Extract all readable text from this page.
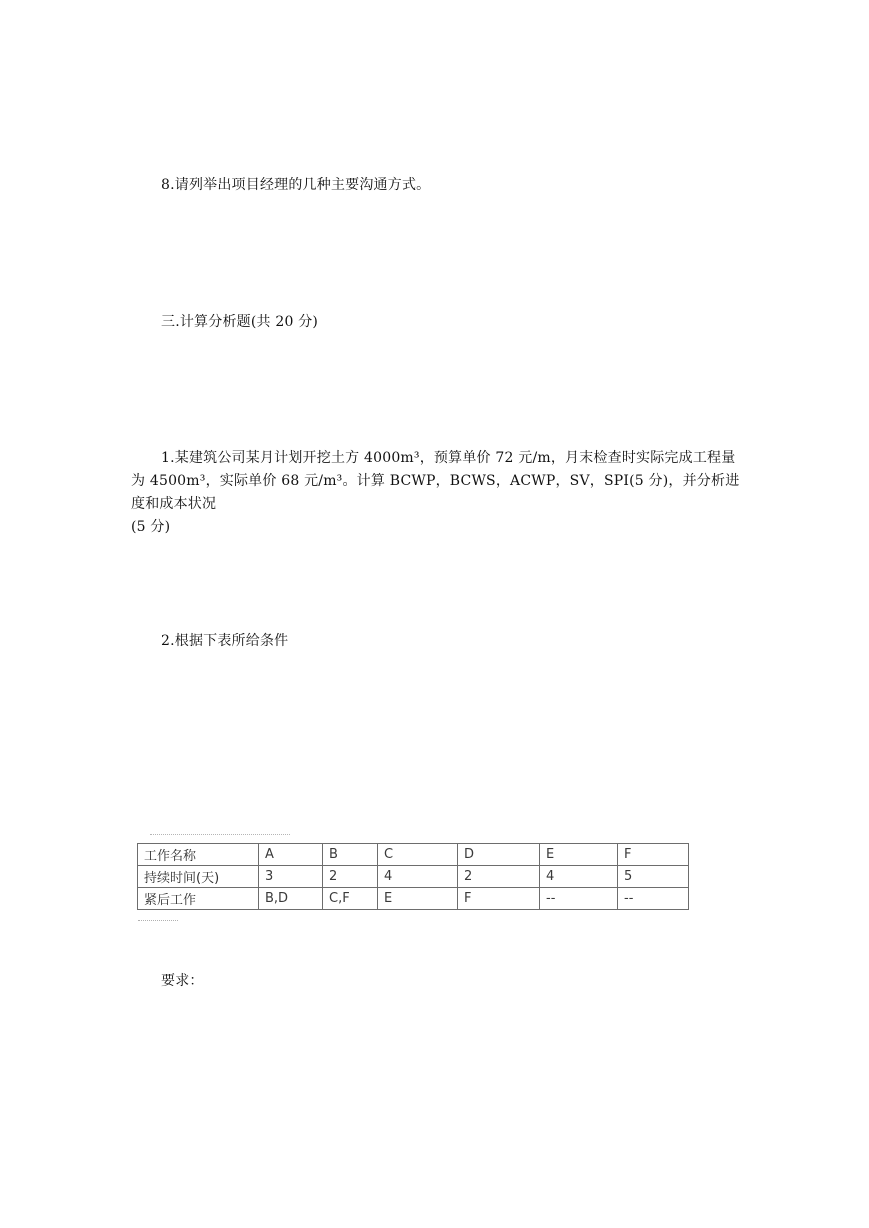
8.请列举出项目经理的几种主要沟通方式。

三.计算分析题(共 20 分)

1.某建筑公司某月计划开挖土方 4000m³，预算单价 72 元/m，月末检查时实际完成工程量
为 4500m³，实际单价 68 元/m³。计算 BCWP，BCWS，ACWP，SV，SPI(5 分)，并分析进度和成本状况
(5 分)

2.根据下表所给条件

工作名称	A	B	C	D	E	F
持续时间(天)	3	2	4	2	4	5
紧后工作	B,D	C,F	E	F	--	--

要求：
